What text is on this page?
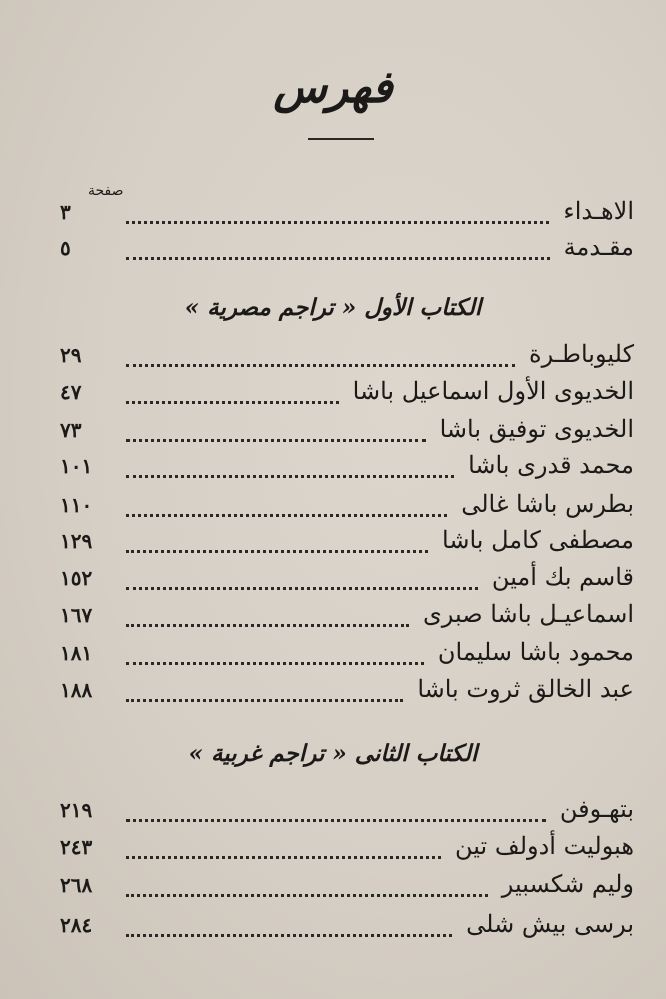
فهرس
صفحة
الاهـداء
٣
مقـدمة
٥
الكتاب الأول « تراجم مصرية »
كليوباطـرة
٢٩
الخديوى الأول اسماعيل باشا
٤٧
الخديوى توفيق باشا
٧٣
محمد قدرى باشا
١٠١
بطرس باشا غالى
١١٠
مصطفى كامل باشا
١٢٩
قاسم بك أمين
١٥٢
اسماعيـل باشا صبرى
١٦٧
محمود باشا سليمان
١٨١
عبد الخالق ثروت باشا
١٨٨
الكتاب الثانى « تراجم غربية »
بتهـوفن
٢١٩
هبوليت أدولف تين
٢٤٣
وليم شكسبير
٢٦٨
برسى بيش شلى
٢٨٤
